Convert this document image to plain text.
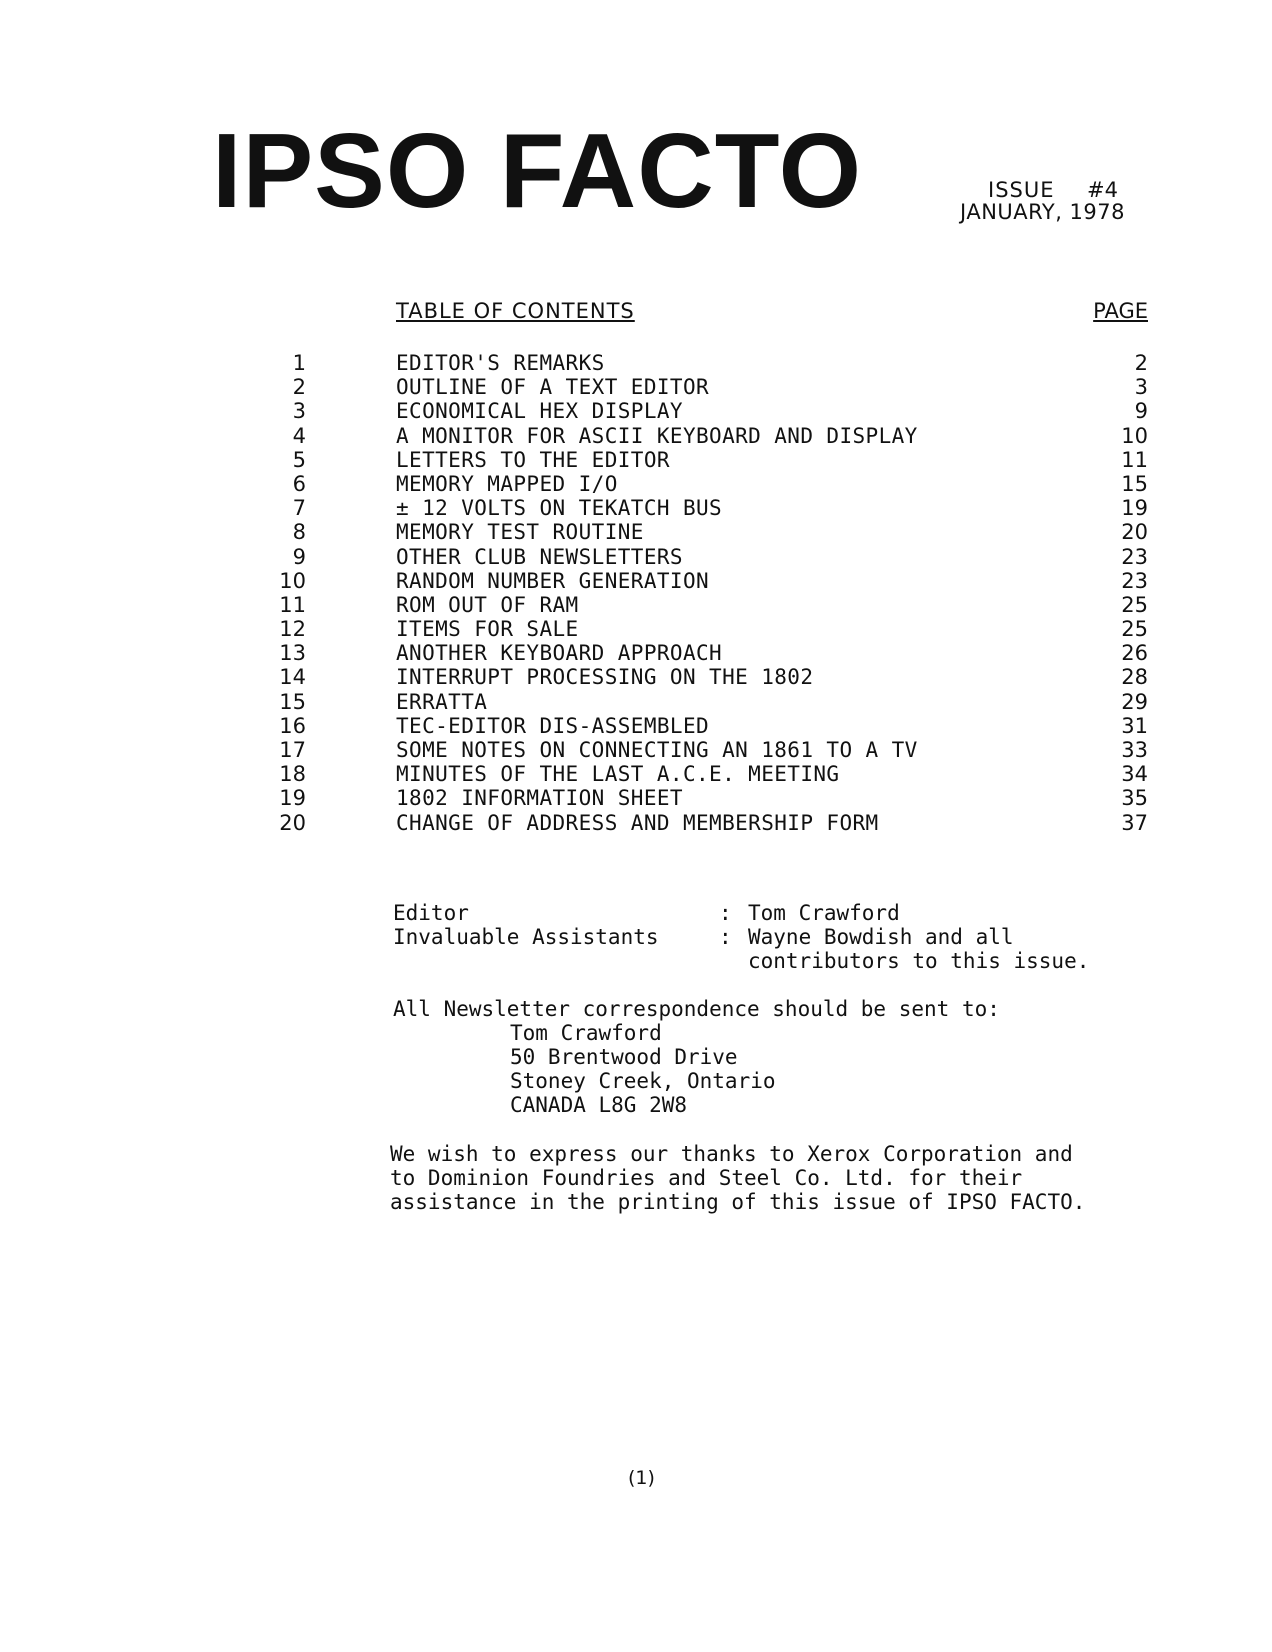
IPSO FACTO	ISSUE #4
JANUARY, 1978
TABLE OF CONTENTS	PAGE
1	EDITOR'S REMARKS	2
2	OUTLINE OF A TEXT EDITOR	3
3	ECONOMICAL HEX DISPLAY	9
4	A MONITOR FOR ASCII KEYBOARD AND DISPLAY	10
5	LETTERS TO THE EDITOR	11
6	MEMORY MAPPED I/O	15
7	± 12 VOLTS ON TEKATCH BUS	19
8	MEMORY TEST ROUTINE	20
9	OTHER CLUB NEWSLETTERS	23
10	RANDOM NUMBER GENERATION	23
11	ROM OUT OF RAM	25
12	ITEMS FOR SALE	25
13	ANOTHER KEYBOARD APPROACH	26
14	INTERRUPT PROCESSING ON THE 1802	28
15	ERRATTA	29
16	TEC-EDITOR DIS-ASSEMBLED	31
17	SOME NOTES ON CONNECTING AN 1861 TO A TV	33
18	MINUTES OF THE LAST A.C.E. MEETING	34
19	1802 INFORMATION SHEET	35
20	CHANGE OF ADDRESS AND MEMBERSHIP FORM	37
Editor	: Tom Crawford
Invaluable Assistants	: Wayne Bowdish and all
contributors to this issue.
All Newsletter correspondence should be sent to:
Tom Crawford
50 Brentwood Drive
Stoney Creek, Ontario
CANADA L8G 2W8
We wish to express our thanks to Xerox Corporation and
to Dominion Foundries and Steel Co. Ltd. for their
assistance in the printing of this issue of IPSO FACTO.
(1)
